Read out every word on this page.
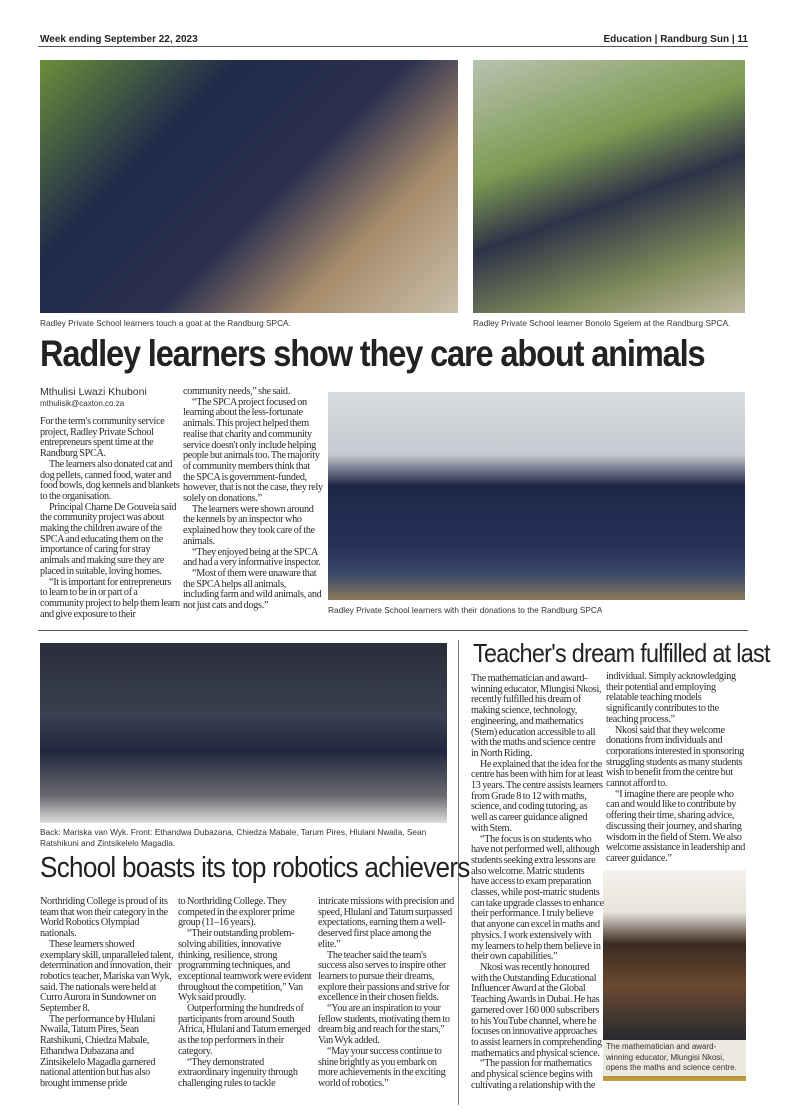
Week ending September 22, 2023	Education | Randburg Sun | 11
Radley Private School learners touch a goat at the Randburg SPCA.	Radley Private School learner Bonolo Sgelem at the Randburg SPCA.
Radley learners show they care about animals
Mthulisi Lwazi Khuboni
mthulisik@caxton.co.za

For the term's community service project, Radley Private School entrepreneurs spent time at the Randburg SPCA.

The learners also donated cat and dog pellets, canned food, water and food bowls, dog kennels and blankets to the organisation.

Principal Charne De Gouveia said the community project was about making the children aware of the SPCA and educating them on the importance of caring for stray animals and making sure they are placed in suitable, loving homes.

“It is important for entrepreneurs to learn to be in or part of a community project to help them learn and give exposure to their

community needs,” she said.

“The SPCA project focused on learning about the less-fortunate animals. This project helped them realise that charity and community service doesn't only include helping people but animals too. The majority of community members think that the SPCA is government-funded, however, that is not the case, they rely solely on donations.”

The learners were shown around the kennels by an inspector who explained how they took care of the animals.

“They enjoyed being at the SPCA and had a very informative inspector.

“Most of them were unaware that the SPCA helps all animals, including farm and wild animals, and not just cats and dogs.”	Radley Private School learners with their donations to the Randburg SPCA
Back: Mariska van Wyk. Front: Ethandwa Dubazana, Chiedza Mabale, Tarum Pires, Hlulani Nwaila, Sean Ratshikuni and Zintsikelelo Magadla.
School boasts its top robotics achievers

Northriding College is proud of its team that won their category in the World Robotics Olympiad nationals.

These learners showed exemplary skill, unparalleled talent, determination and innovation, their robotics teacher, Mariska van Wyk, said. The nationals were held at Curro Aurora in Sundowner on September 8.

The performance by Hlulani Nwaila, Tatum Pires, Sean Ratshikuni, Chiedza Mabale, Ethandwa Dubazana and Zintsikelelo Magadla garnered national attention but has also brought immense pride

to Northriding College. They competed in the explorer prime group (11–16 years).

“Their outstanding problem-solving abilities, innovative thinking, resilience, strong programming techniques, and exceptional teamwork were evident throughout the competition,” Van Wyk said proudly.

Outperforming the hundreds of participants from around South Africa, Hlulani and Tatum emerged as the top performers in their category.

“They demonstrated extraordinary ingenuity through challenging rules to tackle

intricate missions with precision and speed, Hlulani and Tatum surpassed expectations, earning them a well-deserved first place among the elite.”

The teacher said the team's success also serves to inspire other learners to pursue their dreams, explore their passions and strive for excellence in their chosen fields.

“You are an inspiration to your fellow students, motivating them to dream big and reach for the stars,” Van Wyk added.

“May your success continue to shine brightly as you embark on more achievements in the exciting world of robotics.”

Teacher's dream fulfilled at last

The mathematician and award-winning educator, Mlungisi Nkosi, recently fulfilled his dream of making science, technology, engineering, and mathematics (Stem) education accessible to all with the maths and science centre in North Riding.

He explained that the idea for the centre has been with him for at least 13 years. The centre assists learners from Grade 8 to 12 with maths, science, and coding tutoring, as well as career guidance aligned with Stem.

“The focus is on students who have not performed well, although students seeking extra lessons are also welcome. Matric students have access to exam preparation classes, while post-matric students can take upgrade classes to enhance their performance. I truly believe that anyone can excel in maths and physics. I work extensively with my learners to help them believe in their own capabilities.”

Nkosi was recently honoured with the Outstanding Educational Influencer Award at the Global Teaching Awards in Dubai. He has garnered over 160 000 subscribers to his YouTube channel, where he focuses on innovative approaches to assist learners in comprehending mathematics and physical science.

“The passion for mathematics and physical science begins with cultivating a relationship with the

individual. Simply acknowledging their potential and employing relatable teaching models significantly contributes to the teaching process.”

Nkosi said that they welcome donations from individuals and corporations interested in sponsoring struggling students as many students wish to benefit from the centre but cannot afford to.

“I imagine there are people who can and would like to contribute by offering their time, sharing advice, discussing their journey, and sharing wisdom in the field of Stem. We also welcome assistance in leadership and career guidance.”

The mathematician and award-winning educator, Mlungisi Nkosi, opens the maths and science centre.
